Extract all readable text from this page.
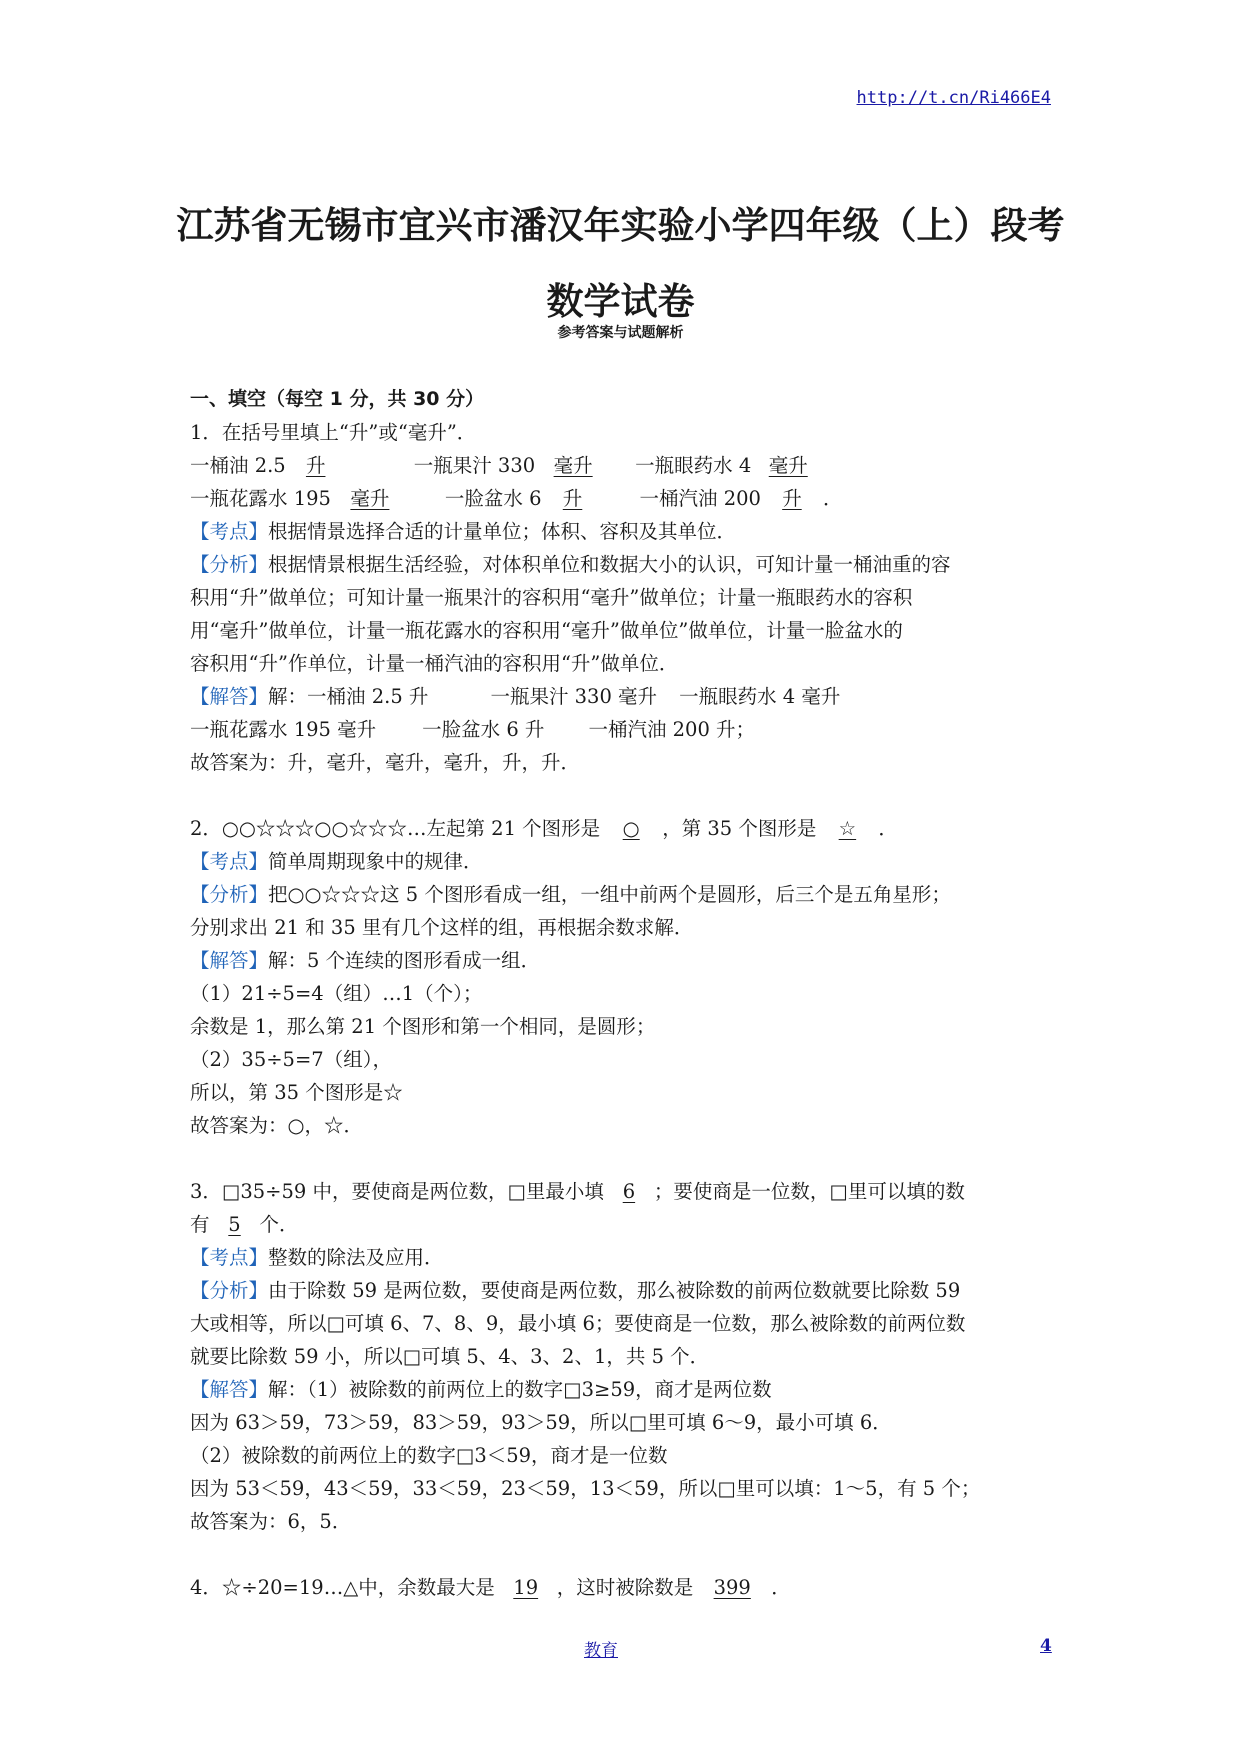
http://t.cn/Ri466E4
江苏省无锡市宜兴市潘汉年实验小学四年级（上）段考
数学试卷
参考答案与试题解析
一、填空（每空 1 分，共 30 分）
1．在括号里填上“升”或“毫升”．
一桶油 2.5 升	一瓶果汁 330 毫升 一瓶眼药水 4 毫升
一瓶花露水 195 毫升	一脸盆水 6 升	一桶汽油 200 升 ．
【考点】根据情景选择合适的计量单位；体积、容积及其单位．
【分析】根据情景根据生活经验，对体积单位和数据大小的认识，可知计量一桶油重的容
积用“升”做单位；可知计量一瓶果汁的容积用“毫升”做单位；计量一瓶眼药水的容积
用“毫升”做单位，计量一瓶花露水的容积用“毫升”做单位”做单位，计量一脸盆水的
容积用“升”作单位，计量一桶汽油的容积用“升”做单位．
【解答】解：一桶油 2.5 升	一瓶果汁 330 毫升 一瓶眼药水 4 毫升
一瓶花露水 195 毫升 一脸盆水 6 升 一桶汽油 200 升；
故答案为：升，毫升，毫升，毫升，升，升．
2．○○☆☆☆○○☆☆☆…左起第 21 个图形是 ○ ，第 35 个图形是 ☆ ．
【考点】简单周期现象中的规律．
【分析】把○○☆☆☆这 5 个图形看成一组，一组中前两个是圆形，后三个是五角星形；
分别求出 21 和 35 里有几个这样的组，再根据余数求解．
【解答】解：5 个连续的图形看成一组．
（1）21÷5=4（组）…1（个）；
余数是 1，那么第 21 个图形和第一个相同，是圆形；
（2）35÷5=7（组），
所以，第 35 个图形是☆
故答案为：○，☆．
3．□35÷59 中，要使商是两位数，□里最小填 6 ；要使商是一位数，□里可以填的数
有 5 个．
【考点】整数的除法及应用．
【分析】由于除数 59 是两位数，要使商是两位数，那么被除数的前两位数就要比除数 59
大或相等，所以□可填 6、7、8、9，最小填 6；要使商是一位数，那么被除数的前两位数
就要比除数 59 小，所以□可填 5、4、3、2、1，共 5 个．
【解答】解：（1）被除数的前两位上的数字□3≥59，商才是两位数
因为 63＞59，73＞59，83＞59，93＞59，所以□里可填 6～9，最小可填 6．
（2）被除数的前两位上的数字□3＜59，商才是一位数
因为 53＜59，43＜59，33＜59，23＜59，13＜59，所以□里可以填：1～5，有 5 个；
故答案为：6，5．
4．☆÷20=19…△中，余数最大是 19 ，这时被除数是 399 ．
教育	4
